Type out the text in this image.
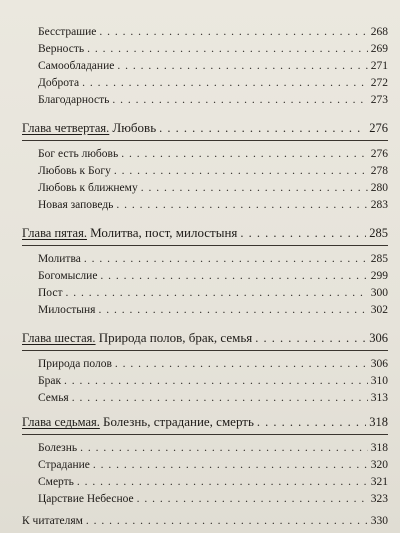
Бесстрашие . . .	268
Верность . . .	269
Самообладание . . .	271
Доброта . . .	272
Благодарность . . .	273
Глава четвертая. Любовь . . .	276
Бог есть любовь . . .	276
Любовь к Богу . . .	278
Любовь к ближнему . . .	280
Новая заповедь . . .	283
Глава пятая. Молитва, пост, милостыня . . .	285
Молитва . . .	285
Богомыслие . . .	299
Пост . . .	300
Милостыня . . .	302
Глава шестая. Природа полов, брак, семья . . .	306
Природа полов . . .	306
Брак . . .	310
Семья . . .	313
Глава седьмая. Болезнь, страдание, смерть . . .	318
Болезнь . . .	318
Страдание . . .	320
Смерть . . .	321
Царствие Небесное . . .	323
К читателям . . .	330
